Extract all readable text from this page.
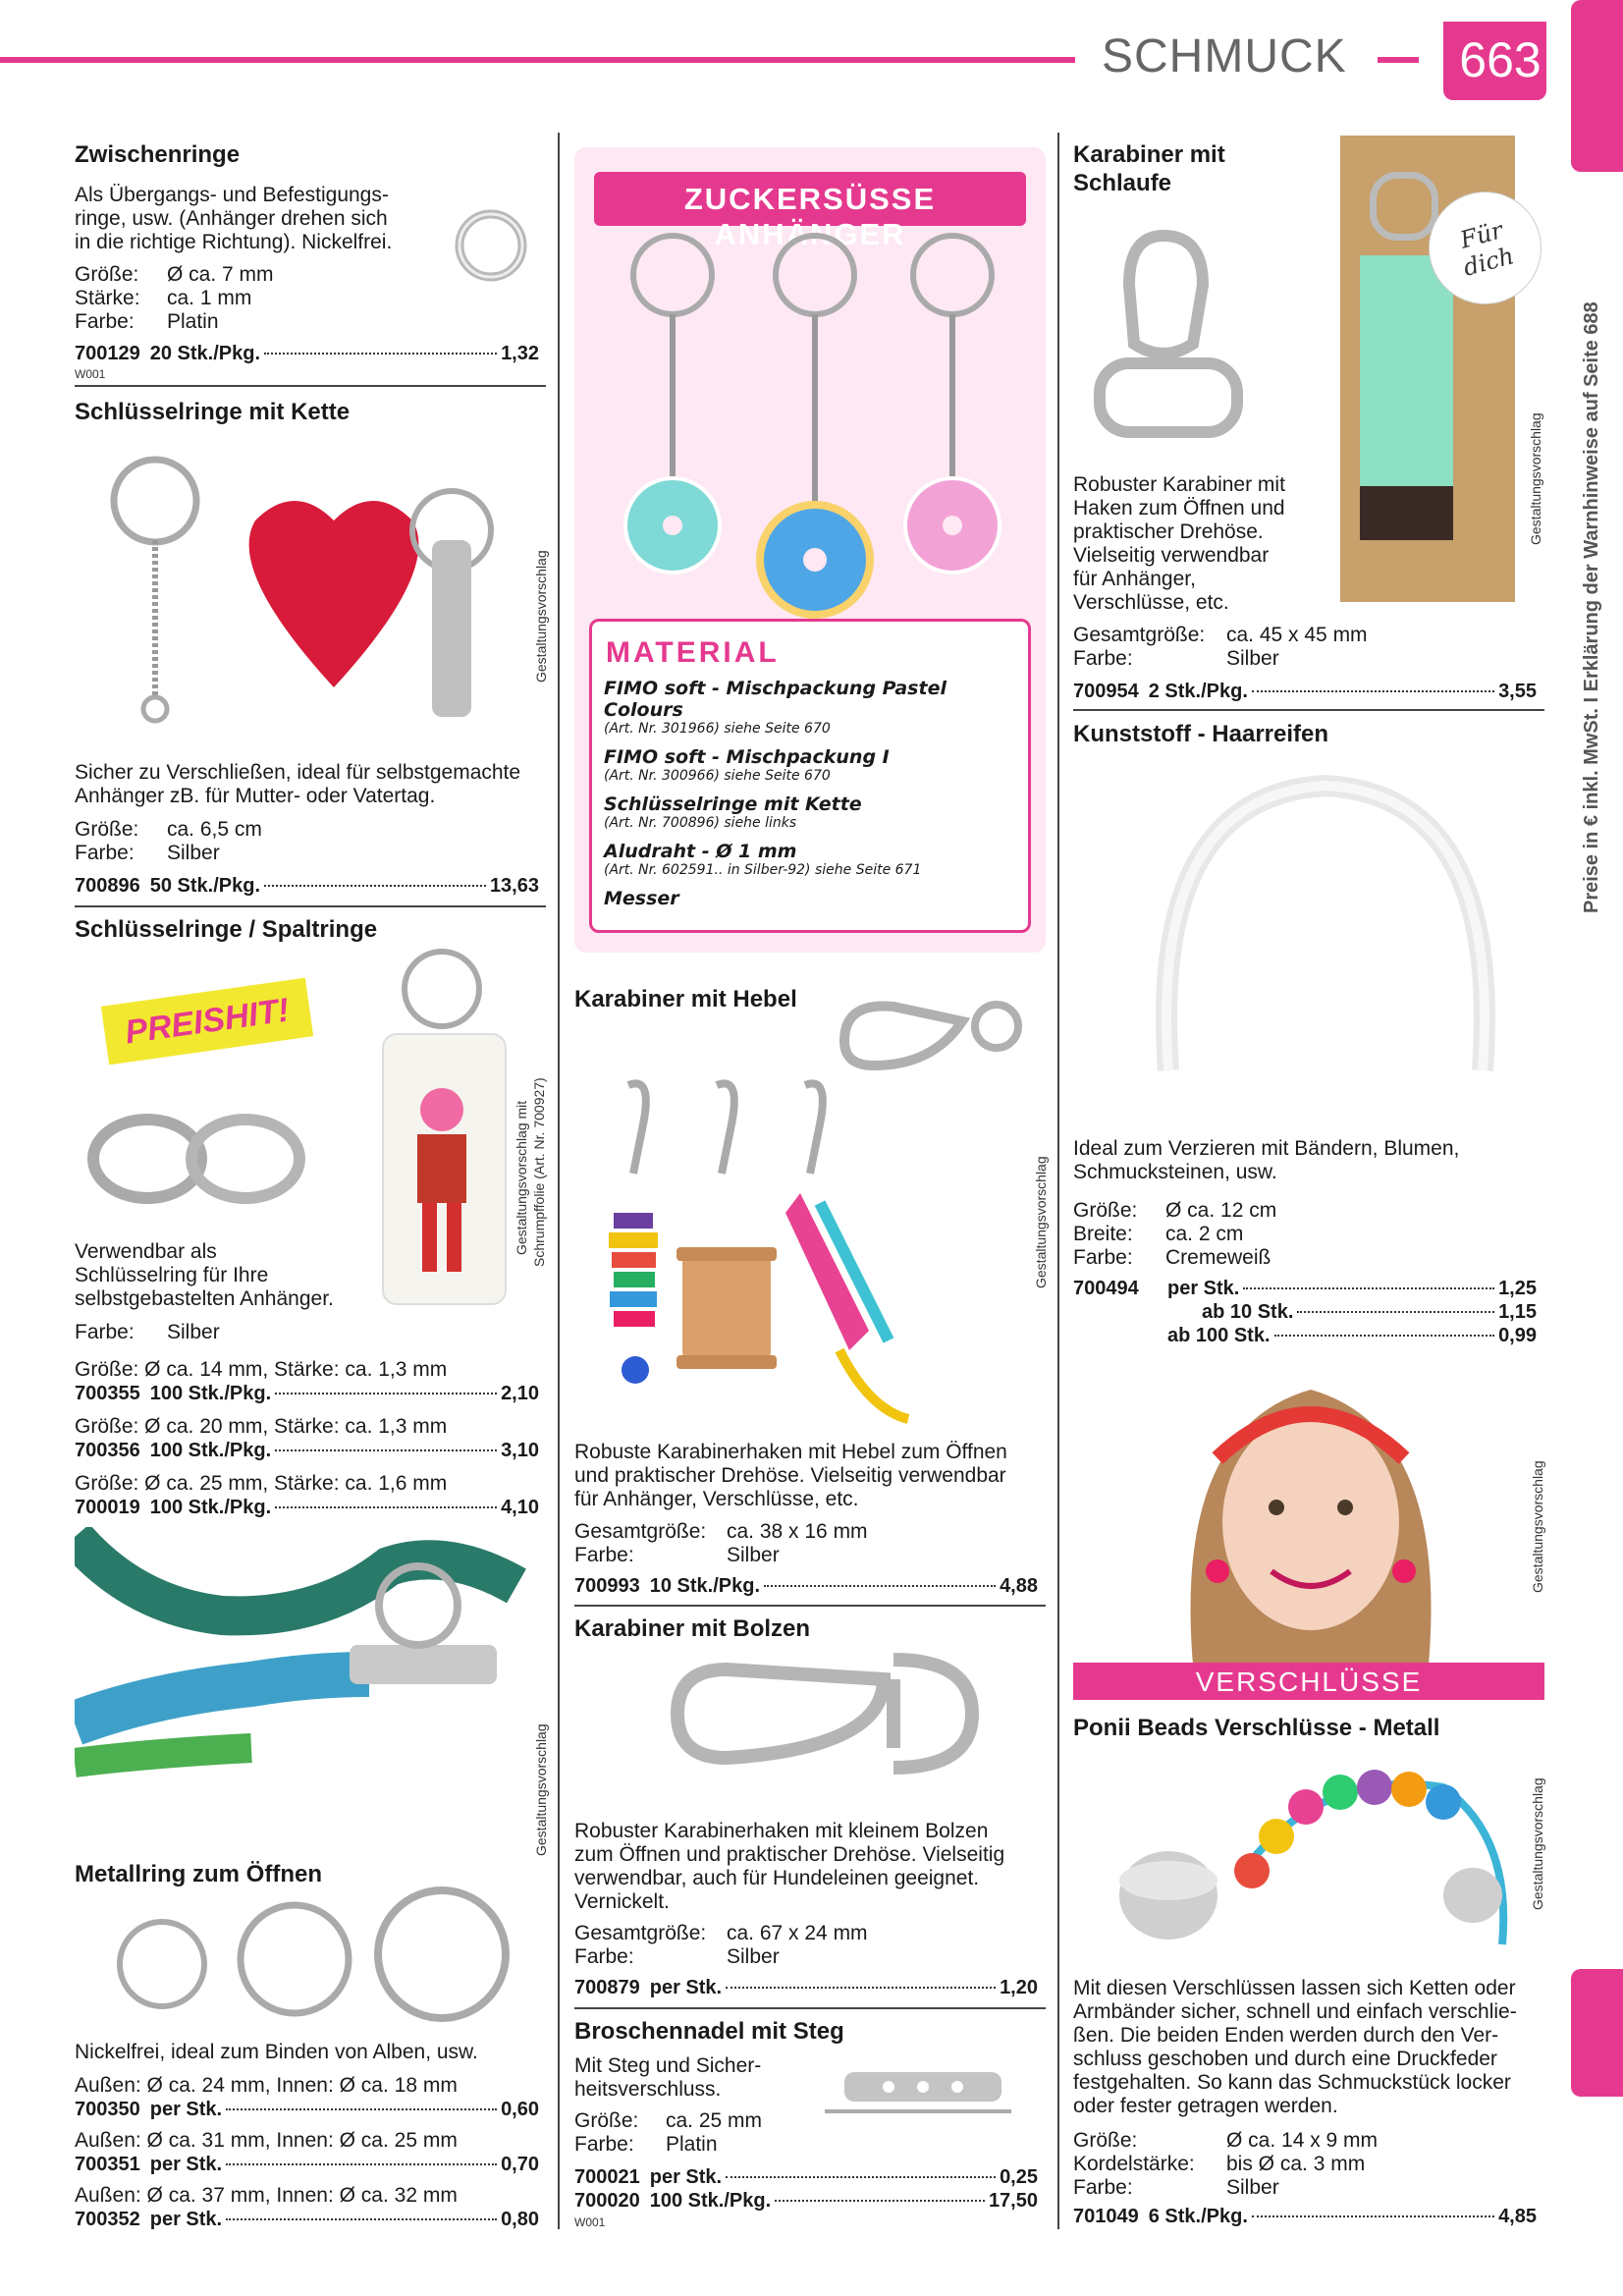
SCHMUCK 663
Preise in € inkl. MwSt. I Erklärung der Warnhinweise auf Seite 688
Zwischenringe
Als Übergangs- und Befestigungs-
ringe, usw. (Anhänger drehen sich
in die richtige Richtung). Nickelfrei.
Größe:	Ø ca. 7 mm
Stärke:	ca. 1 mm
Farbe:	Platin
700129 20 Stk./Pkg.	1,32
W001
Schlüsselringe mit Kette
Gestaltungsvorschlag
Sicher zu Verschließen, ideal für selbstgemachte
Anhänger zB. für Mutter- oder Vatertag.
Größe:	ca. 6,5 cm
Farbe:	Silber
700896 50 Stk./Pkg.	13,63
Schlüsselringe / Spaltringe
PREISHIT!
Gestaltungsvorschlag mit Schrumpffolie (Art. Nr. 700927)
Verwendbar als
Schlüsselring für Ihre
selbstgebastelten Anhänger.
Farbe:	Silber
Größe: Ø ca. 14 mm, Stärke: ca. 1,3 mm
700355 100 Stk./Pkg.	2,10
Größe: Ø ca. 20 mm, Stärke: ca. 1,3 mm
700356 100 Stk./Pkg.	3,10
Größe: Ø ca. 25 mm, Stärke: ca. 1,6 mm
700019 100 Stk./Pkg.	4,10
Gestaltungsvorschlag
Metallring zum Öffnen
Nickelfrei, ideal zum Binden von Alben, usw.
Außen: Ø ca. 24 mm, Innen: Ø ca. 18 mm
700350 per Stk.	0,60
Außen: Ø ca. 31 mm, Innen: Ø ca. 25 mm
700351 per Stk.	0,70
Außen: Ø ca. 37 mm, Innen: Ø ca. 32 mm
700352 per Stk.	0,80
ZUCKERSÜSSE ANHÄNGER
MATERIAL
FIMO soft - Mischpackung Pastel Colours
(Art. Nr. 301966) siehe Seite 670
FIMO soft - Mischpackung I
(Art. Nr. 300966) siehe Seite 670
Schlüsselringe mit Kette
(Art. Nr. 700896) siehe links
Aludraht - Ø 1 mm
(Art. Nr. 602591.. in Silber-92) siehe Seite 671
Messer
Karabiner mit Hebel
Gestaltungsvorschlag
Robuste Karabinerhaken mit Hebel zum Öffnen
und praktischer Drehöse. Vielseitig verwendbar
für Anhänger, Verschlüsse, etc.
Gesamtgröße: ca. 38 x 16 mm
Farbe:	Silber
700993 10 Stk./Pkg.	4,88
Karabiner mit Bolzen
Robuster Karabinerhaken mit kleinem Bolzen
zum Öffnen und praktischer Drehöse. Vielseitig
verwendbar, auch für Hundeleinen geeignet.
Vernickelt.
Gesamtgröße: ca. 67 x 24 mm
Farbe:	Silber
700879 per Stk.	1,20
Broschennadel mit Steg
Mit Steg und Sicher-
heitsverschluss.
Größe:	ca. 25 mm
Farbe:	Platin
700021 per Stk.	0,25
700020 100 Stk./Pkg.	17,50
W001
Karabiner mit
Schlaufe
Für dich
Gestaltungsvorschlag
Robuster Karabiner mit
Haken zum Öffnen und
praktischer Drehöse.
Vielseitig verwendbar
für Anhänger,
Verschlüsse, etc.
Gesamtgröße:	ca. 45 x 45 mm
Farbe:	Silber
700954 2 Stk./Pkg.	3,55
Kunststoff - Haarreifen
Ideal zum Verzieren mit Bändern, Blumen,
Schmucksteinen, usw.
Größe:	Ø ca. 12 cm
Breite:	ca. 2 cm
Farbe:	Cremeweiß
700494	per Stk.	1,25
ab 10 Stk.	1,15
ab 100 Stk.	0,99
Gestaltungsvorschlag
VERSCHLÜSSE
Ponii Beads Verschlüsse - Metall
Gestaltungsvorschlag
Mit diesen Verschlüssen lassen sich Ketten oder
Armbänder sicher, schnell und einfach verschlie-
ßen. Die beiden Enden werden durch den Ver-
schluss geschoben und durch eine Druckfeder
festgehalten. So kann das Schmuckstück locker
oder fester getragen werden.
Größe:	Ø ca. 14 x 9 mm
Kordelstärke:	bis Ø ca. 3 mm
Farbe:	Silber
701049 6 Stk./Pkg.	4,85
